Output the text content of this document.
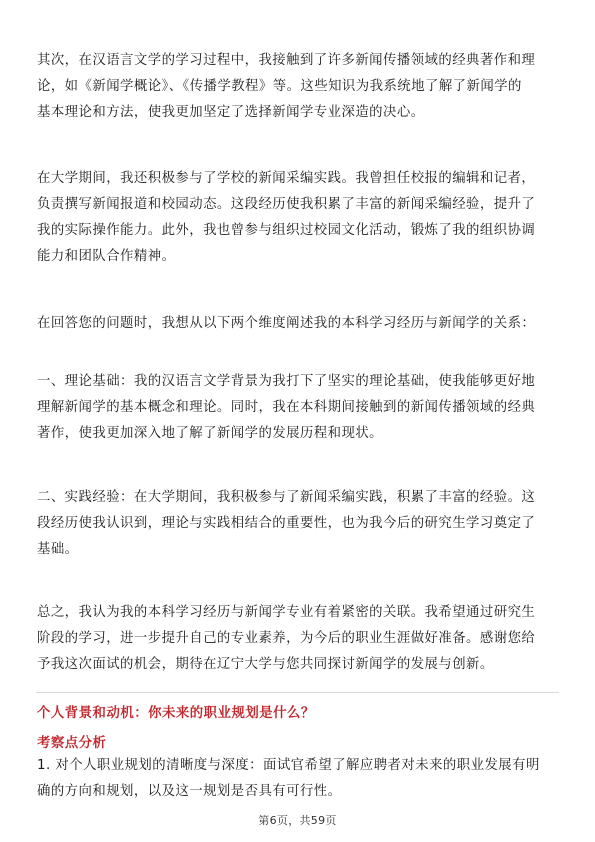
其次，在汉语言文学的学习过程中，我接触到了许多新闻传播领域的经典著作和理
论，如《新闻学概论》、《传播学教程》等。这些知识为我系统地了解了新闻学的
基本理论和方法，使我更加坚定了选择新闻学专业深造的决心。

在大学期间，我还积极参与了学校的新闻采编实践。我曾担任校报的编辑和记者，
负责撰写新闻报道和校园动态。这段经历使我积累了丰富的新闻采编经验，提升了
我的实际操作能力。此外，我也曾参与组织过校园文化活动，锻炼了我的组织协调
能力和团队合作精神。

在回答您的问题时，我想从以下两个维度阐述我的本科学习经历与新闻学的关系：

一、理论基础：我的汉语言文学背景为我打下了坚实的理论基础，使我能够更好地
理解新闻学的基本概念和理论。同时，我在本科期间接触到的新闻传播领域的经典
著作，使我更加深入地了解了新闻学的发展历程和现状。

二、实践经验：在大学期间，我积极参与了新闻采编实践，积累了丰富的经验。这
段经历使我认识到，理论与实践相结合的重要性，也为我今后的研究生学习奠定了
基础。

总之，我认为我的本科学习经历与新闻学专业有着紧密的关联。我希望通过研究生
阶段的学习，进一步提升自己的专业素养，为今后的职业生涯做好准备。感谢您给
予我这次面试的机会，期待在辽宁大学与您共同探讨新闻学的发展与创新。

个人背景和动机：你未来的职业规划是什么？

考察点分析

1. 对个人职业规划的清晰度与深度：面试官希望了解应聘者对未来的职业发展有明
确的方向和规划，以及这一规划是否具有可行性。

第6页，共59页
